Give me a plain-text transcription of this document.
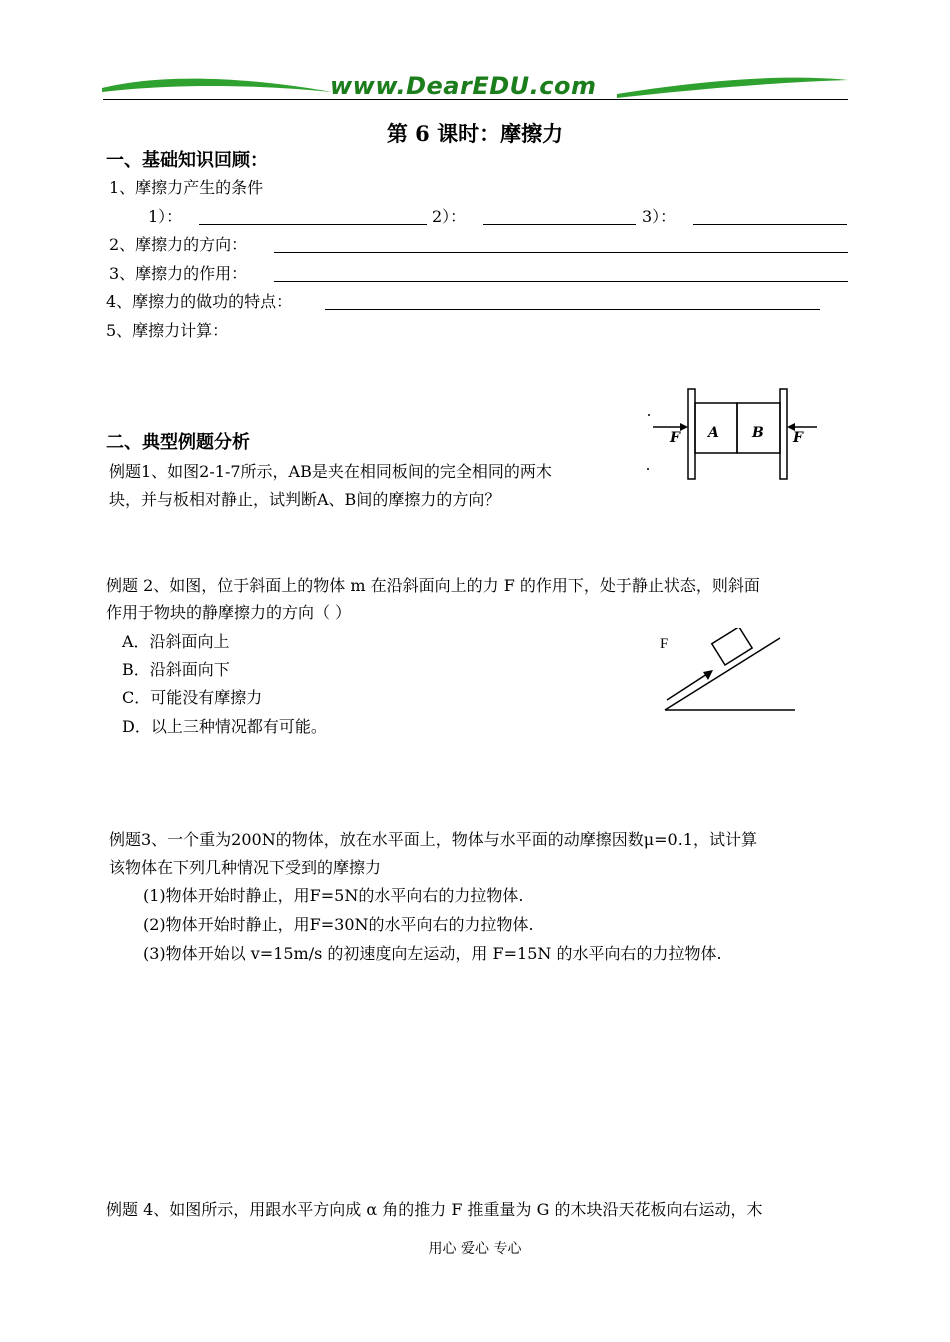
www.DearEDU.com
第 6 课时：摩擦力
一、基础知识回顾：
1、摩擦力产生的条件
1）：	2）：	3）：
2、摩擦力的方向：
3、摩擦力的作用：
4、摩擦力的做功的特点：
5、摩擦力计算：
二、典型例题分析
例题1、如图2-1-7所示，AB是夹在相同板间的完全相同的两木
块，并与板相对静止，试判断A、B间的摩擦力的方向？
A B
F	F
例题 2、如图，位于斜面上的物体 m 在沿斜面向上的力 F 的作用下，处于静止状态，则斜面
作用于物块的静摩擦力的方向（ ）
A．沿斜面向上
B．沿斜面向下
C．可能没有摩擦力
D．以上三种情况都有可能。
F
例题3、一个重为200N的物体，放在水平面上，物体与水平面的动摩擦因数μ=0.1，试计算
该物体在下列几种情况下受到的摩擦力
(1)物体开始时静止，用F=5N的水平向右的力拉物体.
(2)物体开始时静止，用F=30N的水平向右的力拉物体.
(3)物体开始以 v=15m/s 的初速度向左运动，用 F=15N 的水平向右的力拉物体.
例题 4、如图所示，用跟水平方向成 α 角的推力 F 推重量为 G 的木块沿天花板向右运动，木
用心 爱心 专心
